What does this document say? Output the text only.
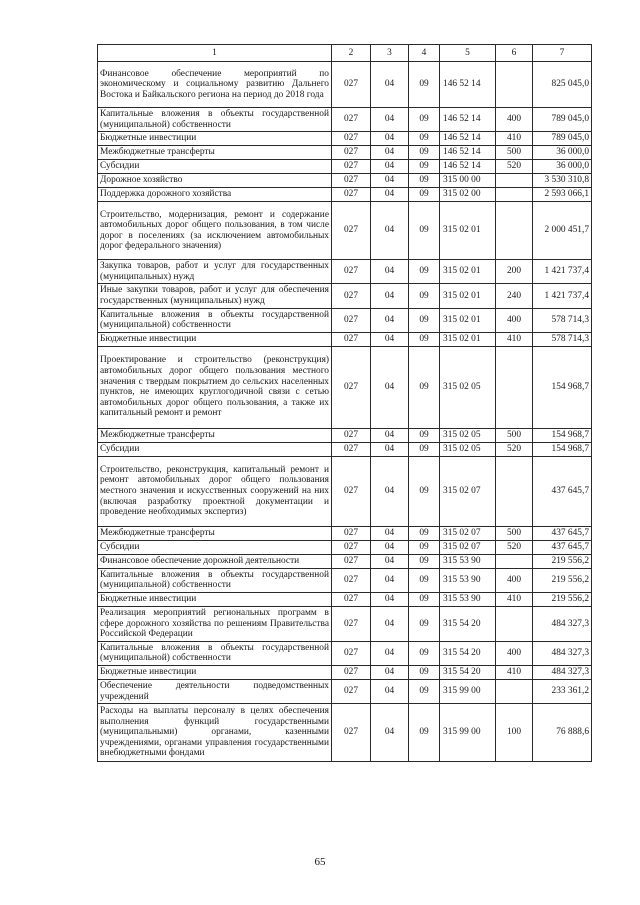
1	2	3	4	5	6	7
Финансовое обеспечение мероприятий по экономическому и социальному развитию Дальнего Востока и Байкальского региона на период до 2018 года	027	04	09	146 52 14		825 045,0
Капитальные вложения в объекты государственной (муниципальной) собственности	027	04	09	146 52 14	400	789 045,0
Бюджетные инвестиции	027	04	09	146 52 14	410	789 045,0
Межбюджетные трансферты	027	04	09	146 52 14	500	36 000,0
Субсидии	027	04	09	146 52 14	520	36 000,0
Дорожное хозяйство	027	04	09	315 00 00		3 530 310,8
Поддержка дорожного хозяйства	027	04	09	315 02 00		2 593 066,1
Строительство, модернизация, ремонт и содержание автомобильных дорог общего пользования, в том числе дорог в поселениях (за исключением автомобильных дорог федерального значения)	027	04	09	315 02 01		2 000 451,7
Закупка товаров, работ и услуг для государственных (муниципальных) нужд	027	04	09	315 02 01	200	1 421 737,4
Иные закупки товаров, работ и услуг для обеспечения государственных (муниципальных) нужд	027	04	09	315 02 01	240	1 421 737,4
Капитальные вложения в объекты государственной (муниципальной) собственности	027	04	09	315 02 01	400	578 714,3
Бюджетные инвестиции	027	04	09	315 02 01	410	578 714,3
Проектирование и строительство (реконструкция) автомобильных дорог общего пользования местного значения с твердым покрытием до сельских населенных пунктов, не имеющих круглогодичной связи с сетью автомобильных дорог общего пользования, а также их капитальный ремонт и ремонт	027	04	09	315 02 05		154 968,7
Межбюджетные трансферты	027	04	09	315 02 05	500	154 968,7
Субсидии	027	04	09	315 02 05	520	154 968,7
Строительство, реконструкция, капитальный ремонт и ремонт автомобильных дорог общего пользования местного значения и искусственных сооружений на них (включая разработку проектной документации и проведение необходимых экспертиз)	027	04	09	315 02 07		437 645,7
Межбюджетные трансферты	027	04	09	315 02 07	500	437 645,7
Субсидии	027	04	09	315 02 07	520	437 645,7
Финансовое обеспечение дорожной деятельности	027	04	09	315 53 90		219 556,2
Капитальные вложения в объекты государственной (муниципальной) собственности	027	04	09	315 53 90	400	219 556,2
Бюджетные инвестиции	027	04	09	315 53 90	410	219 556,2
Реализация мероприятий региональных программ в сфере дорожного хозяйства по решениям Правительства Российской Федерации	027	04	09	315 54 20		484 327,3
Капитальные вложения в объекты государственной (муниципальной) собственности	027	04	09	315 54 20	400	484 327,3
Бюджетные инвестиции	027	04	09	315 54 20	410	484 327,3
Обеспечение деятельности подведомственных учреждений	027	04	09	315 99 00		233 361,2
Расходы на выплаты персоналу в целях обеспечения выполнения функций государственными (муниципальными) органами, казенными учреждениями, органами управления государственными внебюджетными фондами	027	04	09	315 99 00	100	76 888,6
65
